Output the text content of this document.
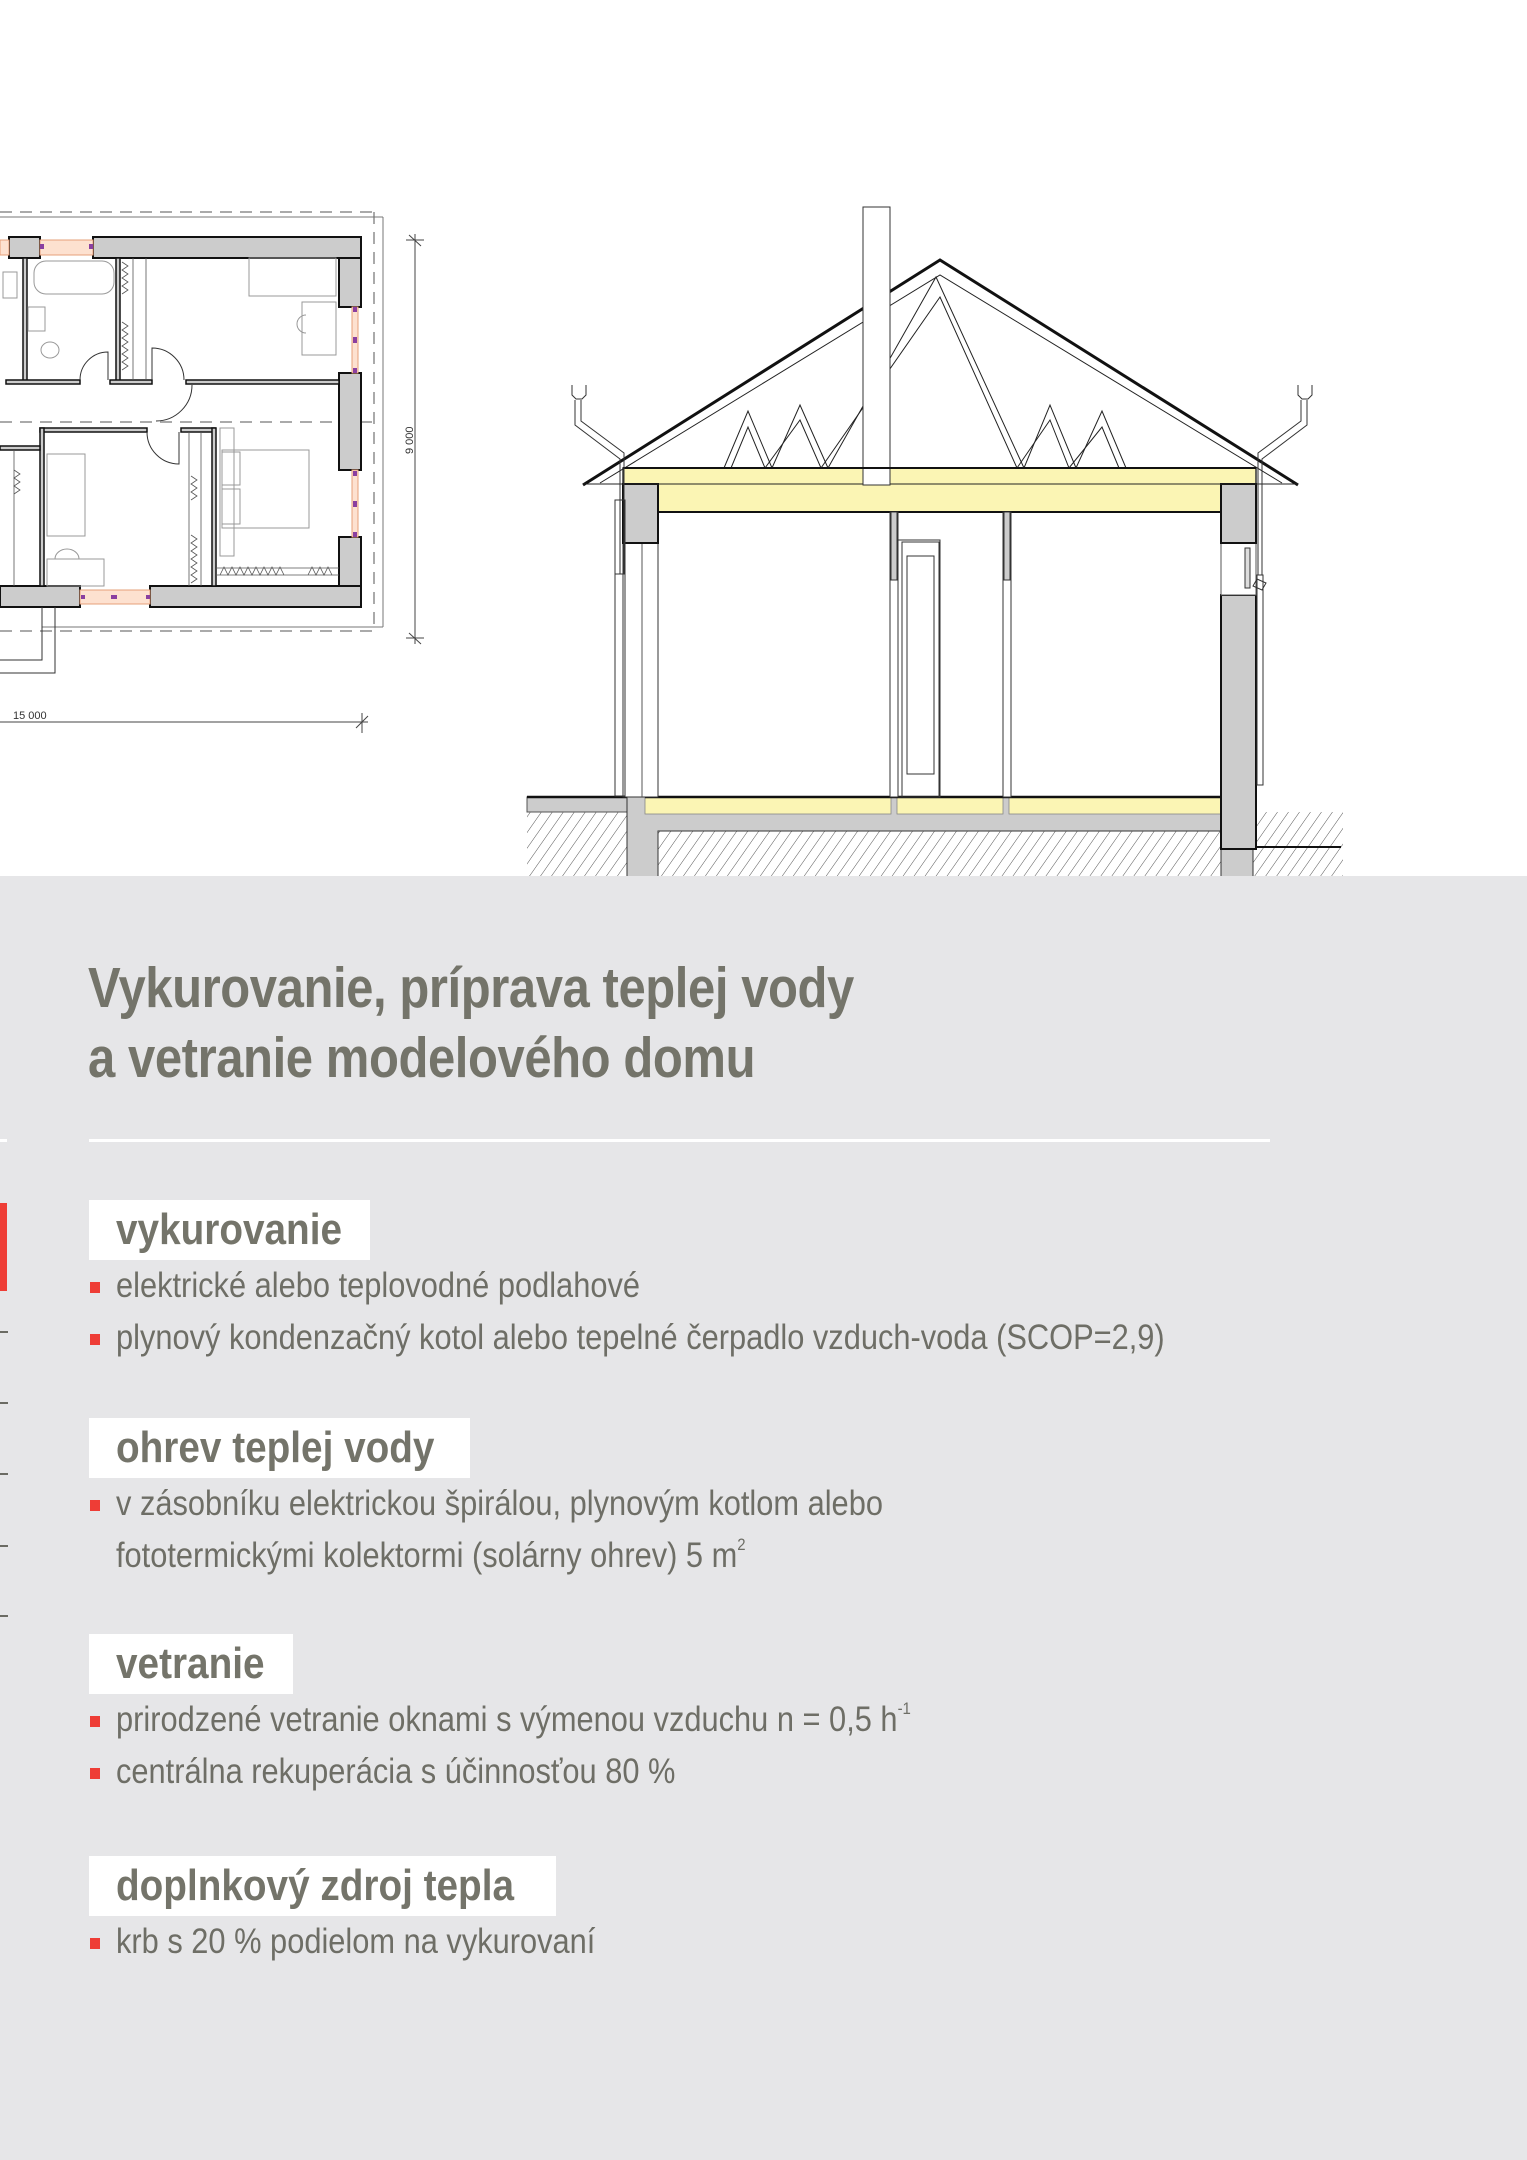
15 000
9 000
Vykurovanie, príprava teplej vody
a vetranie modelového domu
vykurovanie
elektrické alebo teplovodné podlahové
plynový kondenzačný kotol alebo tepelné čerpadlo vzduch-voda (SCOP=2,9)
ohrev teplej vody
v zásobníku elektrickou špirálou, plynovým kotlom alebo
fototermickými kolektormi (solárny ohrev) 5 $m^2$
vetranie
prirodzené vetranie oknami s výmenou vzduchu n = 0,5 $h^{-1}$
centrálna rekuperácia s účinnosťou 80 %
doplnkový zdroj tepla
krb s 20 % podielom na vykurovaní
